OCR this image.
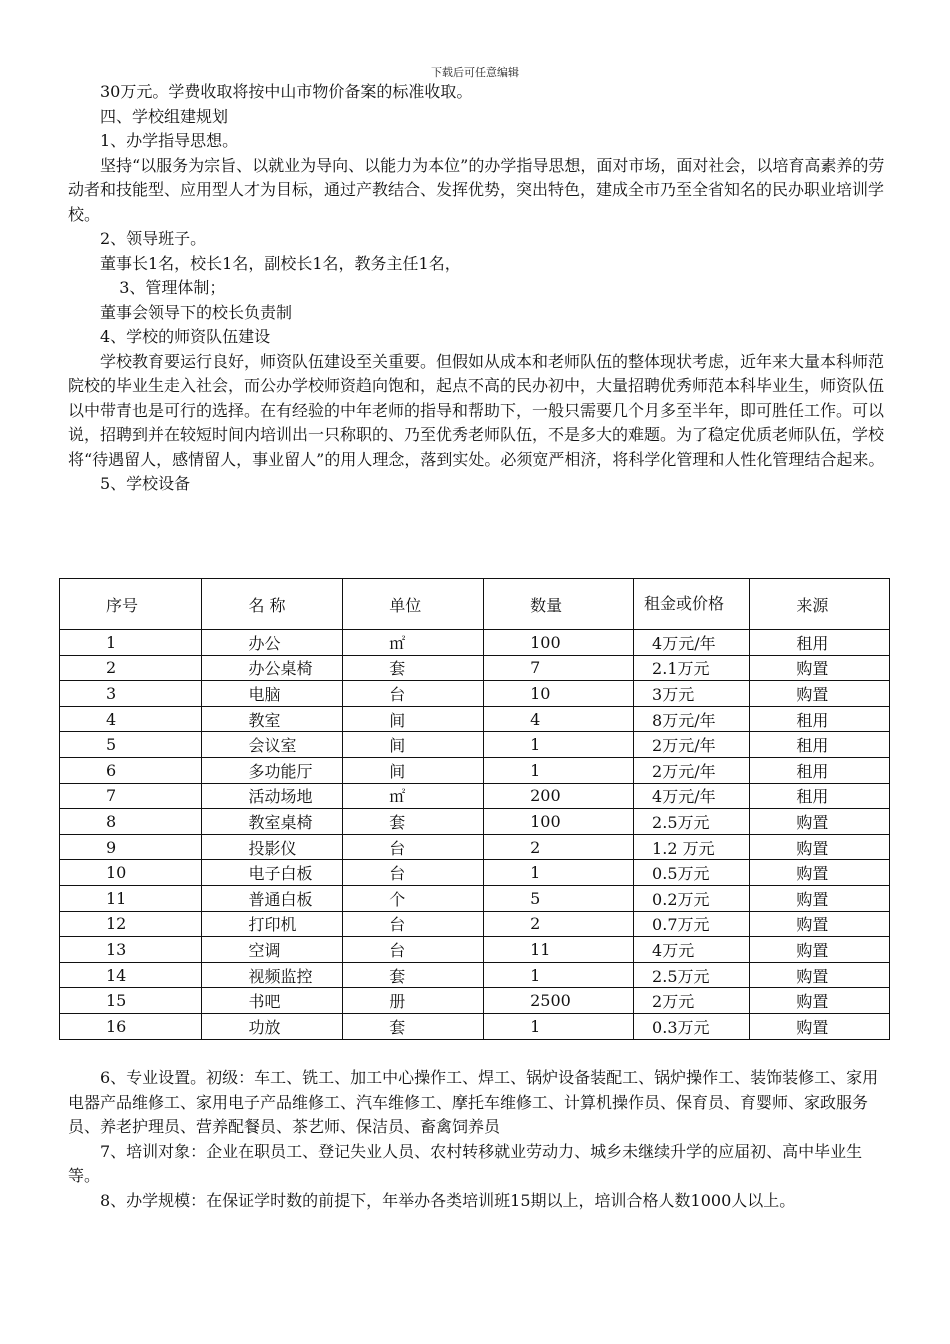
下载后可任意编辑

30万元。学费收取将按中山市物价备案的标准收取。

四、学校组建规划

1、办学指导思想。

坚持“以服务为宗旨、以就业为导向、以能力为本位”的办学指导思想，面对市场，面对社会，以培育高素养的劳动者和技能型、应用型人才为目标，通过产教结合、发挥优势，突出特色，建成全市乃至全省知名的民办职业培训学校。

2、领导班子。

董事长1名，校长1名，副校长1名，教务主任1名，

3、管理体制；

董事会领导下的校长负责制

4、学校的师资队伍建设

学校教育要运行良好，师资队伍建设至关重要。但假如从成本和老师队伍的整体现状考虑，近年来大量本科师范院校的毕业生走入社会，而公办学校师资趋向饱和，起点不高的民办初中，大量招聘优秀师范本科毕业生，师资队伍以中带青也是可行的选择。在有经验的中年老师的指导和帮助下，一般只需要几个月多至半年，即可胜任工作。可以说，招聘到并在较短时间内培训出一只称职的、乃至优秀老师队伍，不是多大的难题。为了稳定优质老师队伍，学校将“待遇留人，感情留人，事业留人”的用人理念，落到实处。必须宽严相济，将科学化管理和人性化管理结合起来。

5、学校设备

序号	名 称	单位	数量	租金或价格	来源
1	办公	㎡	100	4万元/年	租用
2	办公桌椅	套	7	2.1万元	购置
3	电脑	台	10	3万元	购置
4	教室	间	4	8万元/年	租用
5	会议室	间	1	2万元/年	租用
6	多功能厅	间	1	2万元/年	租用
7	活动场地	㎡	200	4万元/年	租用
8	教室桌椅	套	100	2.5万元	购置
9	投影仪	台	2	1.2 万元	购置
10	电子白板	台	1	0.5万元	购置
11	普通白板	个	5	0.2万元	购置
12	打印机	台	2	0.7万元	购置
13	空调	台	11	4万元	购置
14	视频监控	套	1	2.5万元	购置
15	书吧	册	2500	2万元	购置
16	功放	套	1	0.3万元	购置

6、专业设置。初级：车工、铣工、加工中心操作工、焊工、锅炉设备装配工、锅炉操作工、装饰装修工、家用电器产品维修工、家用电子产品维修工、汽车维修工、摩托车维修工、计算机操作员、保育员、育婴师、家政服务员、养老护理员、营养配餐员、茶艺师、保洁员、畜禽饲养员

7、培训对象：企业在职员工、登记失业人员、农村转移就业劳动力、城乡未继续升学的应届初、高中毕业生等。

8、办学规模：在保证学时数的前提下，年举办各类培训班15期以上，培训合格人数1000人以上。
